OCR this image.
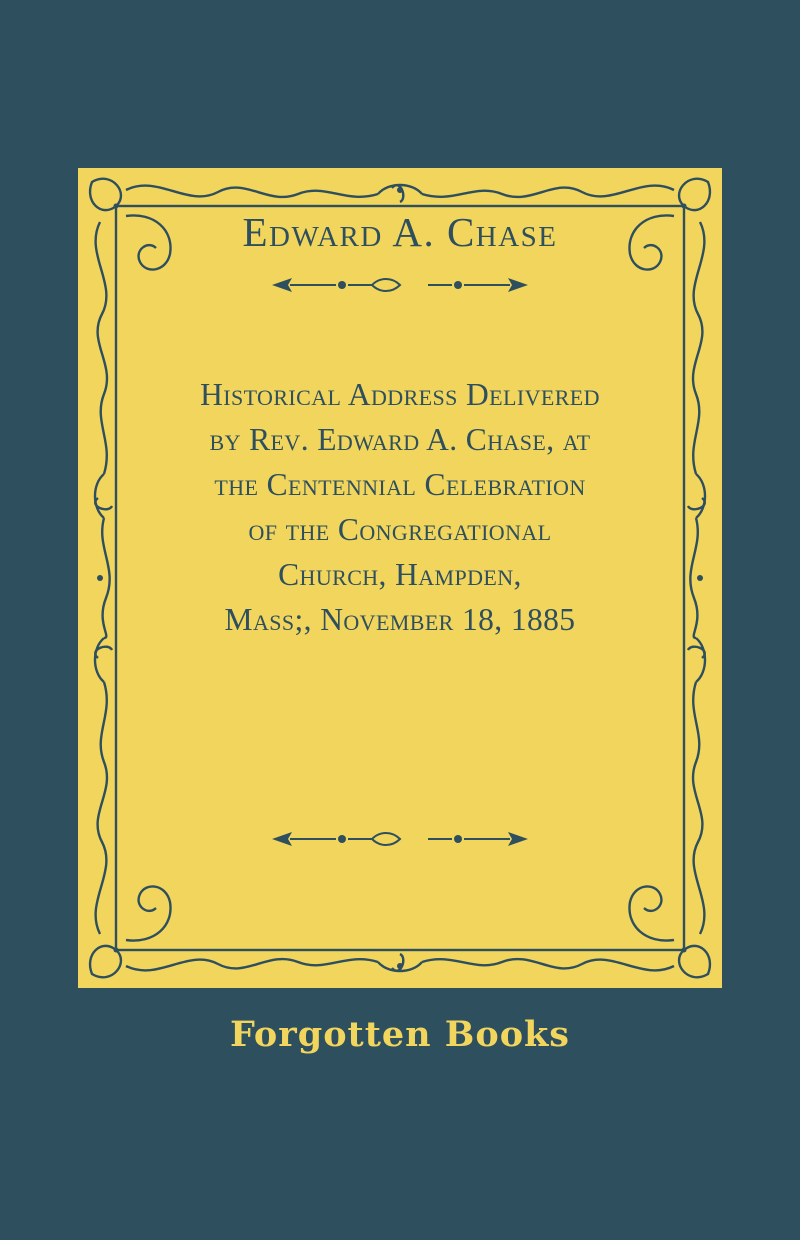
Edward A. Chase
Historical Address Delivered
by Rev. Edward A. Chase, at
the Centennial Celebration
of the Congregational
Church, Hampden,
Mass;, November 18, 1885
Forgotten Books
